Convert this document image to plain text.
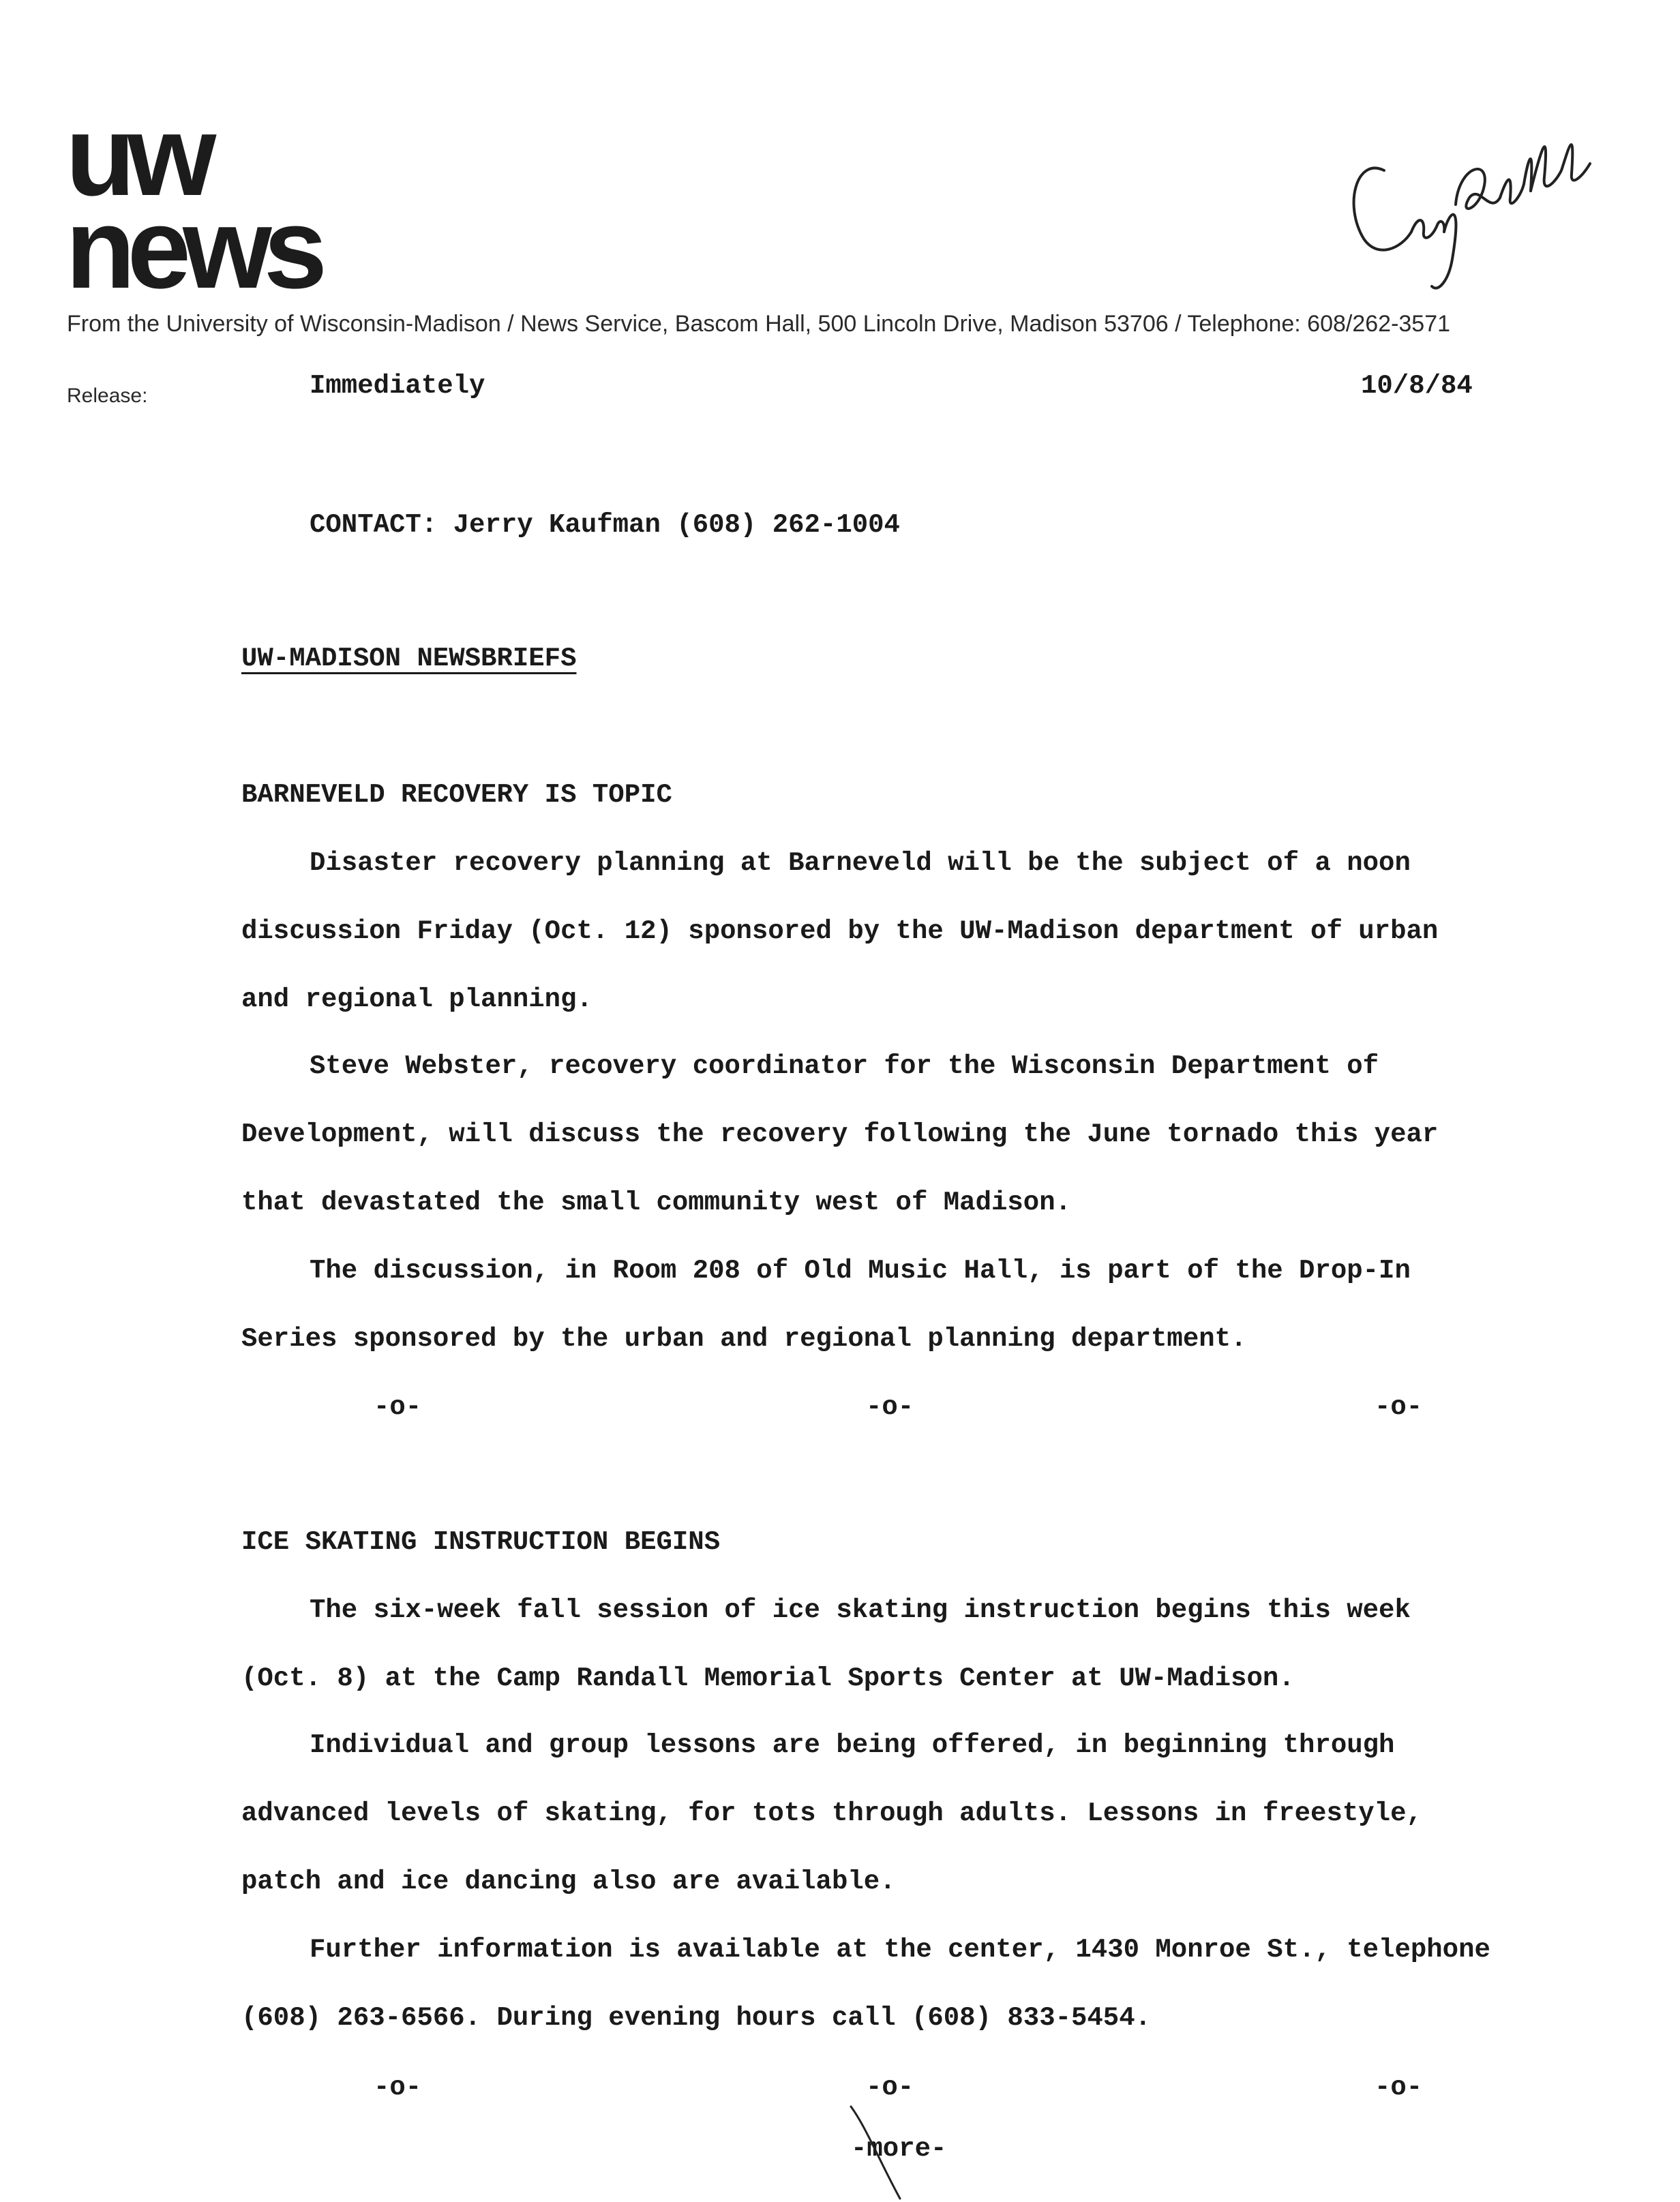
uw
news
From the University of Wisconsin-Madison / News Service, Bascom Hall, 500 Lincoln Drive, Madison 53706 / Telephone: 608/262-3571
Release:	Immediately	10/8/84
CONTACT: Jerry Kaufman (608) 262-1004
UW-MADISON NEWSBRIEFS
BARNEVELD RECOVERY IS TOPIC
Disaster recovery planning at Barneveld will be the subject of a noon
discussion Friday (Oct. 12) sponsored by the UW-Madison department of urban
and regional planning.
Steve Webster, recovery coordinator for the Wisconsin Department of
Development, will discuss the recovery following the June tornado this year
that devastated the small community west of Madison.
The discussion, in Room 208 of Old Music Hall, is part of the Drop-In
Series sponsored by the urban and regional planning department.
-o-	-o-	-o-
ICE SKATING INSTRUCTION BEGINS
The six-week fall session of ice skating instruction begins this week
(Oct. 8) at the Camp Randall Memorial Sports Center at UW-Madison.
Individual and group lessons are being offered, in beginning through
advanced levels of skating, for tots through adults. Lessons in freestyle,
patch and ice dancing also are available.
Further information is available at the center, 1430 Monroe St., telephone
(608) 263-6566. During evening hours call (608) 833-5454.
-o-	-o-	-o-
-more-
